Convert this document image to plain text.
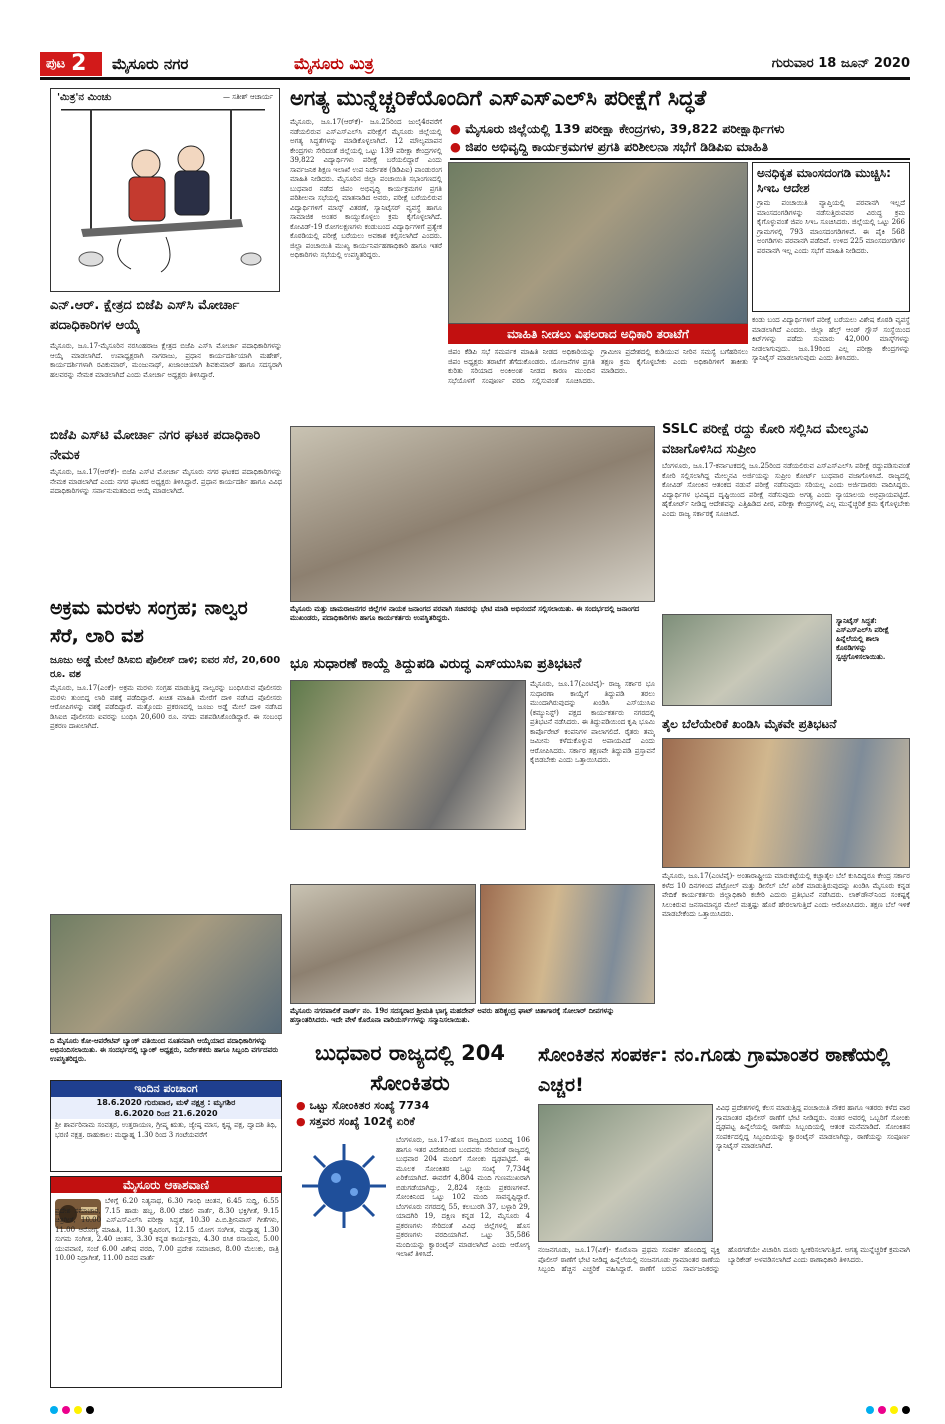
ಪುಟ 2	ಮೈಸೂರು ನಗರ	ಮೈಸೂರು ಮಿತ್ರ	ಗುರುವಾರ 18 ಜೂನ್ 2020
'ಮಿತ್ರ'ನ ಮಿಂಚು	— ಸತೀಶ್ ಆಚಾರ್ಯ ಅಗತ್ಯ ಮುನ್ನೆಚ್ಚರಿಕೆಯೊಂದಿಗೆ ಎಸ್‌ಎಸ್‌ಎಲ್‌ಸಿ ಪರೀಕ್ಷೆಗೆ ಸಿದ್ಧತೆ
ಮೈಸೂರು, ಜೂ.17(ಆರ್‌ಕೆ)- ಜೂ.25ರಿಂದ ಜುಲೈ4ರವರೆಗೆ ನಡೆಯಲಿರುವ ಎಸ್‌ಎಸ್‌ಎಲ್‌ಸಿ ಪರೀಕ್ಷೆಗೆ ಮೈಸೂರು ಜಿಲ್ಲೆಯಲ್ಲಿ ಅಗತ್ಯ ಸಿದ್ಧತೆಗಳನ್ನು ಮಾಡಿಕೊಳ್ಳಲಾಗಿದೆ. 12 ಮೌಲ್ಯಮಾಪನ ಕೇಂದ್ರಗಳು ಸೇರಿದಂತೆ ಜಿಲ್ಲೆಯಲ್ಲಿ ಒಟ್ಟು 139 ಪರೀಕ್ಷಾ ಕೇಂದ್ರಗಳಲ್ಲಿ 39,822 ವಿದ್ಯಾರ್ಥಿಗಳು ಪರೀಕ್ಷೆ ಬರೆಯಲಿದ್ದಾರೆ ಎಂದು ಸಾರ್ವಜನಿಕ ಶಿಕ್ಷಣ ಇಲಾಖೆ ಉಪ ನಿರ್ದೇಶಕ (ಡಿಡಿಪಿಐ) ಪಾಂಡುರಂಗ ಮಾಹಿತಿ ನೀಡಿದರು. ಮೈಸೂರಿನ ಜಿಲ್ಲಾ ಪಂಚಾಯಿತಿ ಸಭಾಂಗಣದಲ್ಲಿ ಬುಧವಾರ ನಡೆದ ಜಿಪಂ ಅಭಿವೃದ್ಧಿ ಕಾರ್ಯಕ್ರಮಗಳ ಪ್ರಗತಿ ಪರಿಶೀಲನಾ ಸಭೆಯಲ್ಲಿ ಮಾತನಾಡಿದ ಅವರು, ಪರೀಕ್ಷೆ ಬರೆಯಲಿರುವ ವಿದ್ಯಾರ್ಥಿಗಳಿಗೆ ಮಾಸ್ಕ್ ವಿತರಣೆ, ಸ್ಯಾನಿಟೈಸರ್ ವ್ಯವಸ್ಥೆ ಹಾಗೂ ಸಾಮಾಜಿಕ ಅಂತರ ಕಾಯ್ದುಕೊಳ್ಳಲು ಕ್ರಮ ಕೈಗೊಳ್ಳಲಾಗಿದೆ. ಕೋವಿಡ್-19 ರೋಗಲಕ್ಷಣಗಳು ಕಂಡುಬಂದ ವಿದ್ಯಾರ್ಥಿಗಳಿಗೆ ಪ್ರತ್ಯೇಕ ಕೊಠಡಿಯಲ್ಲಿ ಪರೀಕ್ಷೆ ಬರೆಯಲು ಅವಕಾಶ ಕಲ್ಪಿಸಲಾಗಿದೆ ಎಂದರು. ಜಿಲ್ಲಾ ಪಂಚಾಯಿತಿ ಮುಖ್ಯ ಕಾರ್ಯನಿರ್ವಹಣಾಧಿಕಾರಿ ಹಾಗೂ ಇತರೆ ಅಧಿಕಾರಿಗಳು ಸಭೆಯಲ್ಲಿ ಉಪಸ್ಥಿತರಿದ್ದರು.
● ಮೈಸೂರು ಜಿಲ್ಲೆಯಲ್ಲಿ 139 ಪರೀಕ್ಷಾ ಕೇಂದ್ರಗಳು, 39,822 ಪರೀಕ್ಷಾರ್ಥಿಗಳು
● ಜಿಪಂ ಅಭಿವೃದ್ಧಿ ಕಾರ್ಯಕ್ರಮಗಳ ಪ್ರಗತಿ ಪರಿಶೀಲನಾ ಸಭೆಗೆ ಡಿಡಿಪಿಐ ಮಾಹಿತಿ
ಮಾಹಿತಿ ನೀಡಲು ವಿಫಲರಾದ ಅಧಿಕಾರಿ ತರಾಟೆಗೆ
ಅನಧಿಕೃತ ಮಾಂಸದಂಗಡಿ ಮುಚ್ಚಿಸಿ: ಸಿಇಒ ಆದೇಶ
ಗ್ರಾಮ ಪಂಚಾಯಿತಿ ವ್ಯಾಪ್ತಿಯಲ್ಲಿ ಪರವಾನಗಿ ಇಲ್ಲದೆ ಮಾಂಸದಂಗಡಿಗಳನ್ನು ನಡೆಸುತ್ತಿರುವವರ ವಿರುದ್ಧ ಕ್ರಮ ಕೈಗೊಳ್ಳುವಂತೆ ಜಿಪಂ ಸಿಇಒ ಸೂಚಿಸಿದರು. ಜಿಲ್ಲೆಯಲ್ಲಿ ಒಟ್ಟು 266 ಗ್ರಾಮಗಳಲ್ಲಿ 793 ಮಾಂಸದಂಗಡಿಗಳಿವೆ. ಈ ಪೈಕಿ 568 ಅಂಗಡಿಗಳು ಪರವಾನಗಿ ಪಡೆದಿವೆ. ಉಳಿದ 225 ಮಾಂಸದಂಗಡಿಗಳ ಪರವಾನಗಿ ಇಲ್ಲ ಎಂದು ಸಭೆಗೆ ಮಾಹಿತಿ ನೀಡಿದರು.
ಕಂಡು ಬಂದ ವಿದ್ಯಾರ್ಥಿಗಳಿಗೆ ಪರೀಕ್ಷೆ ಬರೆಯಲು ವಿಶೇಷ ಕೊಠಡಿ ವ್ಯವಸ್ಥೆ ಮಾಡಲಾಗಿದೆ ಎಂದರು. ಜಿಲ್ಲಾ ಹೆಲ್ತ್ ಆಂಡ್ ಗ್ಲೌಸ್ ಸಂಸ್ಥೆಯಿಂದ ಕಿಟ್‌ಗಳನ್ನು ಪಡೆದು ಸುಮಾರು 42,000 ಮಾಸ್ಕ್‌ಗಳನ್ನು ನೀಡಲಾಗುವುದು. ಜೂ.19ರಿಂದ ಎಲ್ಲ ಪರೀಕ್ಷಾ ಕೇಂದ್ರಗಳನ್ನು ಸ್ಯಾನಿಟೈಸ್ ಮಾಡಲಾಗುವುದು ಎಂದು ತಿಳಿಸಿದರು.
ಜಿಪಂ ಕೆಡಿಪಿ ಸಭೆ ಸಮರ್ಪಕ ಮಾಹಿತಿ ನೀಡದ ಅಧಿಕಾರಿಯನ್ನು ಜಿಪಂ ಅಧ್ಯಕ್ಷರು ತರಾಟೆಗೆ ತೆಗೆದುಕೊಂಡರು. ಯೋಜನೆಗಳ ಪ್ರಗತಿ ಕುರಿತು ಸರಿಯಾದ ಅಂಕಿಅಂಶ ನೀಡದ ಕಾರಣ ಮುಂದಿನ ಸಭೆಯೊಳಗೆ ಸಂಪೂರ್ಣ ವರದಿ ಸಲ್ಲಿಸುವಂತೆ ಸೂಚಿಸಿದರು. ಗ್ರಾಮೀಣ ಪ್ರದೇಶದಲ್ಲಿ ಕುಡಿಯುವ ನೀರಿನ ಸಮಸ್ಯೆ ಬಗೆಹರಿಸಲು ತಕ್ಷಣ ಕ್ರಮ ಕೈಗೊಳ್ಳಬೇಕು ಎಂದು ಅಧಿಕಾರಿಗಳಿಗೆ ತಾಕೀತು ಮಾಡಿದರು.
ಎನ್.ಆರ್. ಕ್ಷೇತ್ರದ ಬಿಜೆಪಿ ಎಸ್‌ಸಿ ಮೋರ್ಚಾ ಪದಾಧಿಕಾರಿಗಳ ಆಯ್ಕೆ
ಮೈಸೂರು, ಜೂ.17-ಮೈಸೂರಿನ ನರಸಿಂಹರಾಜ ಕ್ಷೇತ್ರದ ಬಿಜೆಪಿ ಎಸ್‌ಸಿ ಮೋರ್ಚಾ ಪದಾಧಿಕಾರಿಗಳನ್ನು ಆಯ್ಕೆ ಮಾಡಲಾಗಿದೆ. ಉಪಾಧ್ಯಕ್ಷರಾಗಿ ನಾಗರಾಜು, ಪ್ರಧಾನ ಕಾರ್ಯದರ್ಶಿಯಾಗಿ ಮಹೇಶ್, ಕಾರ್ಯದರ್ಶಿಗಳಾಗಿ ರವಿಕುಮಾರ್, ಮಂಜುನಾಥ್, ಖಜಾಂಚಿಯಾಗಿ ಶಿವಕುಮಾರ್ ಹಾಗೂ ಸದಸ್ಯರಾಗಿ ಹಲವರನ್ನು ನೇಮಕ ಮಾಡಲಾಗಿದೆ ಎಂದು ಮೋರ್ಚಾ ಅಧ್ಯಕ್ಷರು ತಿಳಿಸಿದ್ದಾರೆ.
ಬಿಜೆಪಿ ಎಸ್‌ಟಿ ಮೋರ್ಚಾ ನಗರ ಘಟಕ ಪದಾಧಿಕಾರಿ ನೇಮಕ
ಮೈಸೂರು, ಜೂ.17(ಆರ್‌ಕೆ)- ಬಿಜೆಪಿ ಎಸ್‌ಟಿ ಮೋರ್ಚಾ ಮೈಸೂರು ನಗರ ಘಟಕದ ಪದಾಧಿಕಾರಿಗಳನ್ನು ನೇಮಕ ಮಾಡಲಾಗಿದೆ ಎಂದು ನಗರ ಘಟಕದ ಅಧ್ಯಕ್ಷರು ತಿಳಿಸಿದ್ದಾರೆ. ಪ್ರಧಾನ ಕಾರ್ಯದರ್ಶಿ ಹಾಗೂ ವಿವಿಧ ಪದಾಧಿಕಾರಿಗಳನ್ನು ಸರ್ವಾನುಮತದಿಂದ ಆಯ್ಕೆ ಮಾಡಲಾಗಿದೆ.
ಅಕ್ರಮ ಮರಳು ಸಂಗ್ರಹ; ನಾಲ್ವರ ಸೆರೆ, ಲಾರಿ ವಶ
ಜೂಜು ಅಡ್ಡೆ ಮೇಲೆ ಡಿಸಿಐಬಿ ಪೊಲೀಸ್ ದಾಳಿ; ಐವರ ಸೆರೆ, 20,600 ರೂ. ವಶ
ಮೈಸೂರು, ಜೂ.17(ಎಂಕೆ)- ಅಕ್ರಮ ಮರಳು ಸಂಗ್ರಹ ಮಾಡುತ್ತಿದ್ದ ನಾಲ್ವರನ್ನು ಬಂಧಿಸಿರುವ ಪೊಲೀಸರು ಮರಳು ತುಂಬಿದ್ದ ಲಾರಿ ವಶಕ್ಕೆ ಪಡೆದಿದ್ದಾರೆ. ಖಚಿತ ಮಾಹಿತಿ ಮೇರೆಗೆ ದಾಳಿ ನಡೆಸಿದ ಪೊಲೀಸರು ಆರೋಪಿಗಳನ್ನು ವಶಕ್ಕೆ ಪಡೆದಿದ್ದಾರೆ. ಮತ್ತೊಂದು ಪ್ರಕರಣದಲ್ಲಿ ಜೂಜು ಅಡ್ಡೆ ಮೇಲೆ ದಾಳಿ ನಡೆಸಿದ ಡಿಸಿಐಬಿ ಪೊಲೀಸರು ಐವರನ್ನು ಬಂಧಿಸಿ 20,600 ರೂ. ನಗದು ವಶಪಡಿಸಿಕೊಂಡಿದ್ದಾರೆ. ಈ ಸಂಬಂಧ ಪ್ರಕರಣ ದಾಖಲಾಗಿದೆ.
ಮೈಸೂರು ಮತ್ತು ಚಾಮರಾಜನಗರ ಜಿಲ್ಲೆಗಳ ನಾಯಕ ಜನಾಂಗದ ಪರವಾಗಿ ಸಚಿವರನ್ನು ಭೇಟಿ ಮಾಡಿ ಅಭಿನಂದನೆ ಸಲ್ಲಿಸಲಾಯಿತು. ಈ ಸಂದರ್ಭದಲ್ಲಿ ಜನಾಂಗದ ಮುಖಂಡರು, ಪದಾಧಿಕಾರಿಗಳು ಹಾಗೂ ಕಾರ್ಯಕರ್ತರು ಉಪಸ್ಥಿತರಿದ್ದರು.
SSLC ಪರೀಕ್ಷೆ ರದ್ದು ಕೋರಿ ಸಲ್ಲಿಸಿದ ಮೇಲ್ಮನವಿ ವಜಾಗೊಳಿಸಿದ ಸುಪ್ರೀಂ
ಬೆಂಗಳೂರು, ಜೂ.17-ಕರ್ನಾಟಕದಲ್ಲಿ ಜೂ.25ರಿಂದ ನಡೆಯಲಿರುವ ಎಸ್‌ಎಸ್‌ಎಲ್‌ಸಿ ಪರೀಕ್ಷೆ ರದ್ದುಪಡಿಸುವಂತೆ ಕೋರಿ ಸಲ್ಲಿಸಲಾಗಿದ್ದ ಮೇಲ್ಮನವಿ ಅರ್ಜಿಯನ್ನು ಸುಪ್ರೀಂ ಕೋರ್ಟ್ ಬುಧವಾರ ವಜಾಗೊಳಿಸಿದೆ. ರಾಜ್ಯದಲ್ಲಿ ಕೋವಿಡ್ ಸೋಂಕಿನ ಆತಂಕದ ನಡುವೆ ಪರೀಕ್ಷೆ ನಡೆಸುವುದು ಸರಿಯಲ್ಲ ಎಂದು ಅರ್ಜಿದಾರರು ವಾದಿಸಿದ್ದರು. ವಿದ್ಯಾರ್ಥಿಗಳ ಭವಿಷ್ಯದ ದೃಷ್ಟಿಯಿಂದ ಪರೀಕ್ಷೆ ನಡೆಸುವುದು ಅಗತ್ಯ ಎಂದು ನ್ಯಾಯಾಲಯ ಅಭಿಪ್ರಾಯಪಟ್ಟಿದೆ. ಹೈಕೋರ್ಟ್ ನೀಡಿದ್ದ ಆದೇಶವನ್ನು ಎತ್ತಿಹಿಡಿದ ಪೀಠ, ಪರೀಕ್ಷಾ ಕೇಂದ್ರಗಳಲ್ಲಿ ಎಲ್ಲ ಮುನ್ನೆಚ್ಚರಿಕೆ ಕ್ರಮ ಕೈಗೊಳ್ಳಬೇಕು ಎಂದು ರಾಜ್ಯ ಸರ್ಕಾರಕ್ಕೆ ಸೂಚಿಸಿದೆ.
ಸ್ಯಾನಿಟೈಸ್ ಸಿದ್ಧತೆ: ಎಸ್‌ಎಸ್‌ಎಲ್‌ಸಿ ಪರೀಕ್ಷೆ ಹಿನ್ನೆಲೆಯಲ್ಲಿ ಶಾಲಾ ಕೊಠಡಿಗಳನ್ನು ಸ್ವಚ್ಛಗೊಳಿಸಲಾಯಿತು.
ಭೂ ಸುಧಾರಣೆ ಕಾಯ್ದೆ ತಿದ್ದುಪಡಿ ವಿರುದ್ಧ ಎಸ್‌ಯುಸಿಐ ಪ್ರತಿಭಟನೆ
ಮೈಸೂರು, ಜೂ.17(ಎಂಟಿವೈ)- ರಾಜ್ಯ ಸರ್ಕಾರ ಭೂ ಸುಧಾರಣಾ ಕಾಯ್ದೆಗೆ ತಿದ್ದುಪಡಿ ತರಲು ಮುಂದಾಗಿರುವುದನ್ನು ಖಂಡಿಸಿ ಎಸ್‌ಯುಸಿಐ (ಕಮ್ಯುನಿಸ್ಟ್) ಪಕ್ಷದ ಕಾರ್ಯಕರ್ತರು ನಗರದಲ್ಲಿ ಪ್ರತಿಭಟನೆ ನಡೆಸಿದರು. ಈ ತಿದ್ದುಪಡಿಯಿಂದ ಕೃಷಿ ಭೂಮಿ ಕಾರ್ಪೊರೇಟ್ ಕಂಪನಿಗಳ ಪಾಲಾಗಲಿದೆ. ರೈತರು ತಮ್ಮ ಜಮೀನು ಕಳೆದುಕೊಳ್ಳುವ ಅಪಾಯವಿದೆ ಎಂದು ಆರೋಪಿಸಿದರು. ಸರ್ಕಾರ ತಕ್ಷಣವೇ ತಿದ್ದುಪಡಿ ಪ್ರಸ್ತಾವನೆ ಕೈಬಿಡಬೇಕು ಎಂದು ಒತ್ತಾಯಿಸಿದರು.
ತೈಲ ಬೆಲೆಯೇರಿಕೆ ಖಂಡಿಸಿ ಮೈಕವೇ ಪ್ರತಿಭಟನೆ
ಮೈಸೂರು, ಜೂ.17(ಎಂಟಿವೈ)- ಅಂತಾರಾಷ್ಟ್ರೀಯ ಮಾರುಕಟ್ಟೆಯಲ್ಲಿ ಕಚ್ಚಾತೈಲ ಬೆಲೆ ಕುಸಿದಿದ್ದರೂ ಕೇಂದ್ರ ಸರ್ಕಾರ ಕಳೆದ 10 ದಿನಗಳಿಂದ ಪೆಟ್ರೋಲ್ ಮತ್ತು ಡೀಸೆಲ್ ಬೆಲೆ ಏರಿಕೆ ಮಾಡುತ್ತಿರುವುದನ್ನು ಖಂಡಿಸಿ ಮೈಸೂರು ಕನ್ನಡ ವೇದಿಕೆ ಕಾರ್ಯಕರ್ತರು ಜಿಲ್ಲಾಧಿಕಾರಿ ಕಚೇರಿ ಎದುರು ಪ್ರತಿಭಟನೆ ನಡೆಸಿದರು. ಲಾಕ್‌ಡೌನ್‌ನಿಂದ ಸಂಕಷ್ಟಕ್ಕೆ ಸಿಲುಕಿರುವ ಜನಸಾಮಾನ್ಯರ ಮೇಲೆ ಮತ್ತಷ್ಟು ಹೊರೆ ಹೇರಲಾಗುತ್ತಿದೆ ಎಂದು ಆರೋಪಿಸಿದರು. ತಕ್ಷಣ ಬೆಲೆ ಇಳಿಕೆ ಮಾಡಬೇಕೆಂದು ಒತ್ತಾಯಿಸಿದರು.
ಮೈಸೂರು ನಗರಪಾಲಿಕೆ ವಾರ್ಡ್ ನಂ. 19ರ ಸದಸ್ಯರಾದ ಶ್ರೀಮತಿ ಭಾಗ್ಯ ಮಹದೇವ್ ಅವರು ಹರಿಶ್ಚಂದ್ರ ಘಾಟ್ ಚಿತಾಗಾರಕ್ಕೆ ಸೋಲಾರ್ ದೀಪಗಳನ್ನು ಹಸ್ತಾಂತರಿಸಿದರು. ಇದೇ ವೇಳೆ ಕೊರೊನಾ ವಾರಿಯರ್ಸ್‌ಗಳನ್ನು ಸನ್ಮಾನಿಸಲಾಯಿತು.
ದಿ ಮೈಸೂರು ಕೋ-ಆಪರೇಟಿವ್ ಬ್ಯಾಂಕ್ ವತಿಯಿಂದ ನೂತನವಾಗಿ ಆಯ್ಕೆಯಾದ ಪದಾಧಿಕಾರಿಗಳನ್ನು ಅಭಿನಂದಿಸಲಾಯಿತು. ಈ ಸಂದರ್ಭದಲ್ಲಿ ಬ್ಯಾಂಕ್ ಅಧ್ಯಕ್ಷರು, ನಿರ್ದೇಶಕರು ಹಾಗೂ ಸಿಬ್ಬಂದಿ ವರ್ಗದವರು ಉಪಸ್ಥಿತರಿದ್ದರು.
ಇಂದಿನ ಪಂಚಾಂಗ
18.6.2020 ಗುರುವಾರ, ಮಳೆ ನಕ್ಷತ್ರ : ಮೃಗಶಿರ
8.6.2020 ರಿಂದ 21.6.2020
ಶ್ರೀ ಶಾರ್ವರಿನಾಮ ಸಂವತ್ಸರ, ಉತ್ತರಾಯಣ, ಗ್ರೀಷ್ಮ ಋತು, ಜ್ಯೇಷ್ಠ ಮಾಸ, ಕೃಷ್ಣ ಪಕ್ಷ, ದ್ವಾದಶಿ ತಿಥಿ, ಭರಣಿ ನಕ್ಷತ್ರ. ರಾಹುಕಾಲ: ಮಧ್ಯಾಹ್ನ 1.30 ರಿಂದ 3 ಗಂಟೆಯವರೆಗೆ
ಮೈಸೂರು ಆಕಾಶವಾಣಿ
ಬೆಳಿಗ್ಗೆ 6.20 ನಿತ್ಯನಾಥ, 6.30 ಗಾಂಧಿ ಚಿಂತನ, 6.45 ಸುದ್ದಿ, 6.55 ಪ್ರದೇಶ ಸಮಾಚಾರ, 7.15 ಹಾಡು ಹಬ್ಬ, 8.00 ದೆಹಲಿ ವಾರ್ತೆ, 8.30 ಭಕ್ತಿಗೀತೆ, 9.15 ಚಿತ್ರಗೀತೆ, 10.00 ಎಸ್‌ಎಸ್‌ಎಲ್‌ಸಿ ಪರೀಕ್ಷಾ ಸಿದ್ಧತೆ, 10.30 ಪಿ.ಬಿ.ಶ್ರೀನಿವಾಸ್ ಗೀತೆಗಳು, 11.00 ಆರೋಗ್ಯ ಮಾಹಿತಿ, 11.30 ಕೃಷಿರಂಗ, 12.15 ಯೋಗ ಸಂಗೀತ, ಮಧ್ಯಾಹ್ನ 1.30 ಸುಗಮ ಸಂಗೀತ, 2.40 ಚಿಂತನ, 3.30 ಕನ್ನಡ ಕಾರ್ಯಕ್ರಮ, 4.30 ರಸಿಕ ರಸಾಯನ, 5.00 ಯುವವಾಣಿ, ಸಂಜೆ 6.00 ವಿಶೇಷ ವರದಿ, 7.00 ಪ್ರದೇಶ ಸಮಾಚಾರ, 8.00 ಮೆಲುಕು, ರಾತ್ರಿ 10.00 ನಿದ್ರಾಗೀತೆ, 11.00 ದಿನದ ವಾರ್ತೆ
ಬುಧವಾರ ರಾಜ್ಯದಲ್ಲಿ 204 ಸೋಂಕಿತರು
● ಒಟ್ಟು ಸೋಂಕಿತರ ಸಂಖ್ಯೆ 7734
● ಸತ್ತವರ ಸಂಖ್ಯೆ 102ಕ್ಕೆ ಏರಿಕೆ
ಬೆಂಗಳೂರು, ಜೂ.17-ಹೊಸ ರಾಜ್ಯದಿಂದ ಬಂದಿದ್ದ 106 ಹಾಗೂ ಇತರ ವಿದೇಶದಿಂದ ಬಂದವರು ಸೇರಿದಂತೆ ರಾಜ್ಯದಲ್ಲಿ ಬುಧವಾರ 204 ಮಂದಿಗೆ ಸೋಂಕು ದೃಢಪಟ್ಟಿದೆ. ಈ ಮೂಲಕ ಸೋಂಕಿತರ ಒಟ್ಟು ಸಂಖ್ಯೆ 7,734ಕ್ಕೆ ಏರಿಕೆಯಾಗಿದೆ. ಈವರೆಗೆ 4,804 ಮಂದಿ ಗುಣಮುಖರಾಗಿ ಬಿಡುಗಡೆಯಾಗಿದ್ದು, 2,824 ಸಕ್ರಿಯ ಪ್ರಕರಣಗಳಿವೆ. ಸೋಂಕಿನಿಂದ ಒಟ್ಟು 102 ಮಂದಿ ಸಾವನ್ನಪ್ಪಿದ್ದಾರೆ. ಬೆಂಗಳೂರು ನಗರದಲ್ಲಿ 55, ಕಲಬುರಗಿ 37, ಬಳ್ಳಾರಿ 29, ಯಾದಗಿರಿ 19, ದಕ್ಷಿಣ ಕನ್ನಡ 12, ಮೈಸೂರು 4 ಪ್ರಕರಣಗಳು ಸೇರಿದಂತೆ ವಿವಿಧ ಜಿಲ್ಲೆಗಳಲ್ಲಿ ಹೊಸ ಪ್ರಕರಣಗಳು ವರದಿಯಾಗಿವೆ. ಒಟ್ಟು 35,586 ಮಂದಿಯನ್ನು ಕ್ವಾರಂಟೈನ್ ಮಾಡಲಾಗಿದೆ ಎಂದು ಆರೋಗ್ಯ ಇಲಾಖೆ ತಿಳಿಸಿದೆ.
ಸೋಂಕಿತನ ಸಂಪರ್ಕ: ನಂ.ಗೂಡು ಗ್ರಾಮಾಂತರ ಠಾಣೆಯಲ್ಲಿ ಎಚ್ಚರ!
ವಿವಿಧ ಪ್ರದೇಶಗಳಲ್ಲಿ ಕೆಲಸ ಮಾಡುತ್ತಿದ್ದ ಪಂಚಾಯಿತಿ ನೌಕರ ಹಾಗೂ ಇತರರು ಕಳೆದ ವಾರ ಗ್ರಾಮಾಂತರ ಪೊಲೀಸ್ ಠಾಣೆಗೆ ಭೇಟಿ ನೀಡಿದ್ದರು. ನಂತರ ಅವರಲ್ಲಿ ಒಬ್ಬರಿಗೆ ಸೋಂಕು ದೃಢಪಟ್ಟ ಹಿನ್ನೆಲೆಯಲ್ಲಿ ಠಾಣೆಯ ಸಿಬ್ಬಂದಿಯಲ್ಲಿ ಆತಂಕ ಮನೆಮಾಡಿದೆ. ಸೋಂಕಿತನ ಸಂಪರ್ಕದಲ್ಲಿದ್ದ ಸಿಬ್ಬಂದಿಯನ್ನು ಕ್ವಾರಂಟೈನ್ ಮಾಡಲಾಗಿದ್ದು, ಠಾಣೆಯನ್ನು ಸಂಪೂರ್ಣ ಸ್ಯಾನಿಟೈಸ್ ಮಾಡಲಾಗಿದೆ.
ನಂಜನಗೂಡು, ಜೂ.17(ವಿಕೆ)- ಕೊರೊನಾ ಪ್ರಥಮ ಸಂಪರ್ಕ ಹೊಂದಿದ್ದ ವ್ಯಕ್ತಿ ಪೊಲೀಸ್ ಠಾಣೆಗೆ ಭೇಟಿ ನೀಡಿದ್ದ ಹಿನ್ನೆಲೆಯಲ್ಲಿ ನಂಜನಗೂಡು ಗ್ರಾಮಾಂತರ ಠಾಣೆಯ ಸಿಬ್ಬಂದಿ ಹೆಚ್ಚಿನ ಎಚ್ಚರಿಕೆ ವಹಿಸಿದ್ದಾರೆ. ಠಾಣೆಗೆ ಬರುವ ಸಾರ್ವಜನಿಕರನ್ನು ಹೊರಗಡೆಯೇ ವಿಚಾರಿಸಿ ದೂರು ಸ್ವೀಕರಿಸಲಾಗುತ್ತಿದೆ. ಅಗತ್ಯ ಮುನ್ನೆಚ್ಚರಿಕೆ ಕ್ರಮವಾಗಿ ಬ್ಯಾರಿಕೇಡ್ ಅಳವಡಿಸಲಾಗಿದೆ ಎಂದು ಠಾಣಾಧಿಕಾರಿ ತಿಳಿಸಿದರು.
